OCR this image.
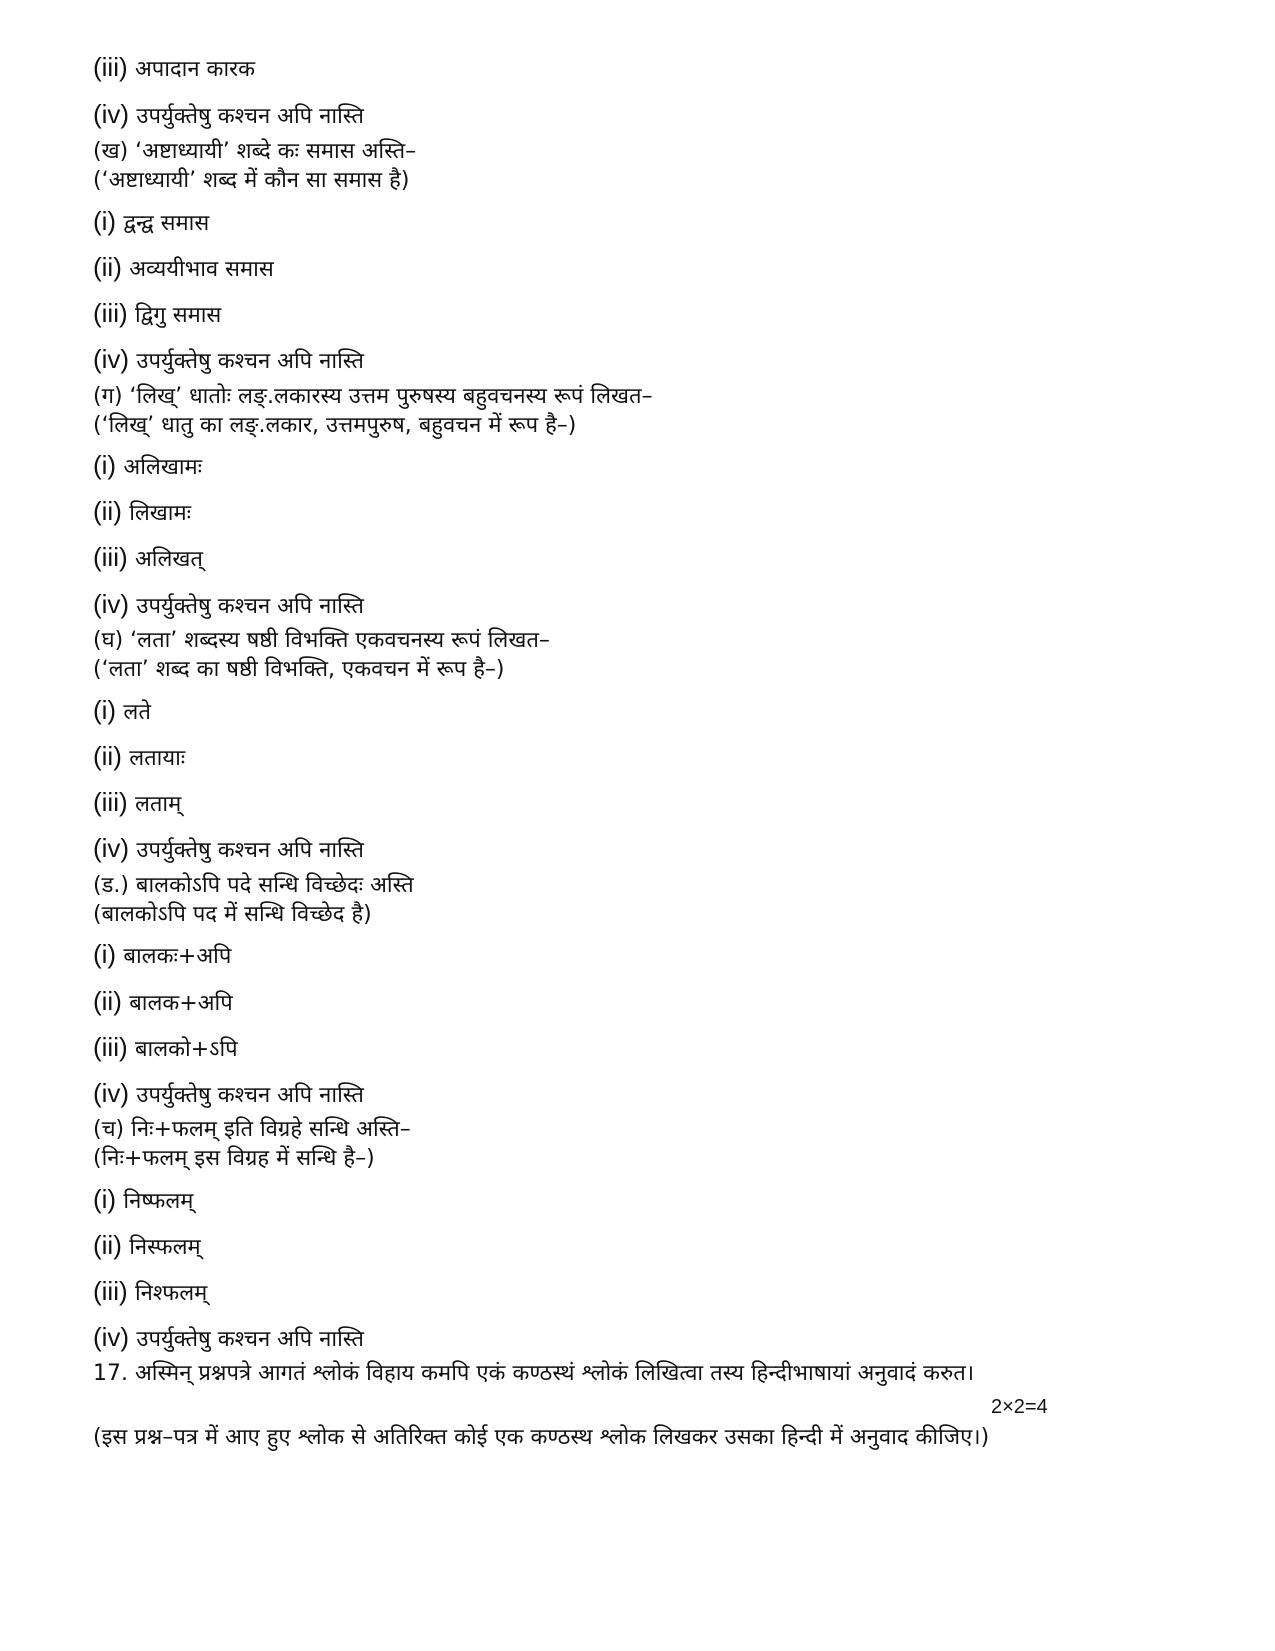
(iii) अपादान कारक
(iv) उपर्युक्तेषु कश्चन अपि नास्ति
(ख) ‘अष्टाध्यायी’ शब्दे कः समास अस्ति–
(‘अष्टाध्यायी’ शब्द में कौन सा समास है)
(i) द्वन्द्व समास
(ii) अव्ययीभाव समास
(iii) द्विगु समास
(iv) उपर्युक्तेषु कश्चन अपि नास्ति
(ग) ‘लिख्’ धातोः लङ्.लकारस्य उत्तम पुरुषस्य बहुवचनस्य रूपं लिखत–
(‘लिख्’ धातु का लङ्.लकार, उत्तमपुरुष, बहुवचन में रूप है–)
(i) अलिखामः
(ii) लिखामः
(iii) अलिखत्
(iv) उपर्युक्तेषु कश्चन अपि नास्ति
(घ) ‘लता’ शब्दस्य षष्ठी विभक्ति एकवचनस्य रूपं लिखत–
(‘लता’ शब्द का षष्ठी विभक्ति, एकवचन में रूप है–)
(i) लते
(ii) लतायाः
(iii) लताम्
(iv) उपर्युक्तेषु कश्चन अपि नास्ति
(ड.) बालकोऽपि पदे सन्धि विच्छेदः अस्ति
(बालकोऽपि पद में सन्धि विच्छेद है)
(i) बालकः+अपि
(ii) बालक+अपि
(iii) बालको+ऽपि
(iv) उपर्युक्तेषु कश्चन अपि नास्ति
(च) निः+फलम् इति विग्रहे सन्धि अस्ति–
(निः+फलम् इस विग्रह में सन्धि है–)
(i) निष्फलम्
(ii) निस्फलम्
(iii) निश्फलम्
(iv) उपर्युक्तेषु कश्चन अपि नास्ति
17. अस्मिन् प्रश्नपत्रे आगतं श्लोकं विहाय कमपि एकं कण्ठस्थं श्लोकं लिखित्वा तस्य हिन्दीभाषायां अनुवादं करुत।
2×2=4
(इस प्रश्न–पत्र में आए हुए श्लोक से अतिरिक्त कोई एक कण्ठस्थ श्लोक लिखकर उसका हिन्दी में अनुवाद कीजिए।)
